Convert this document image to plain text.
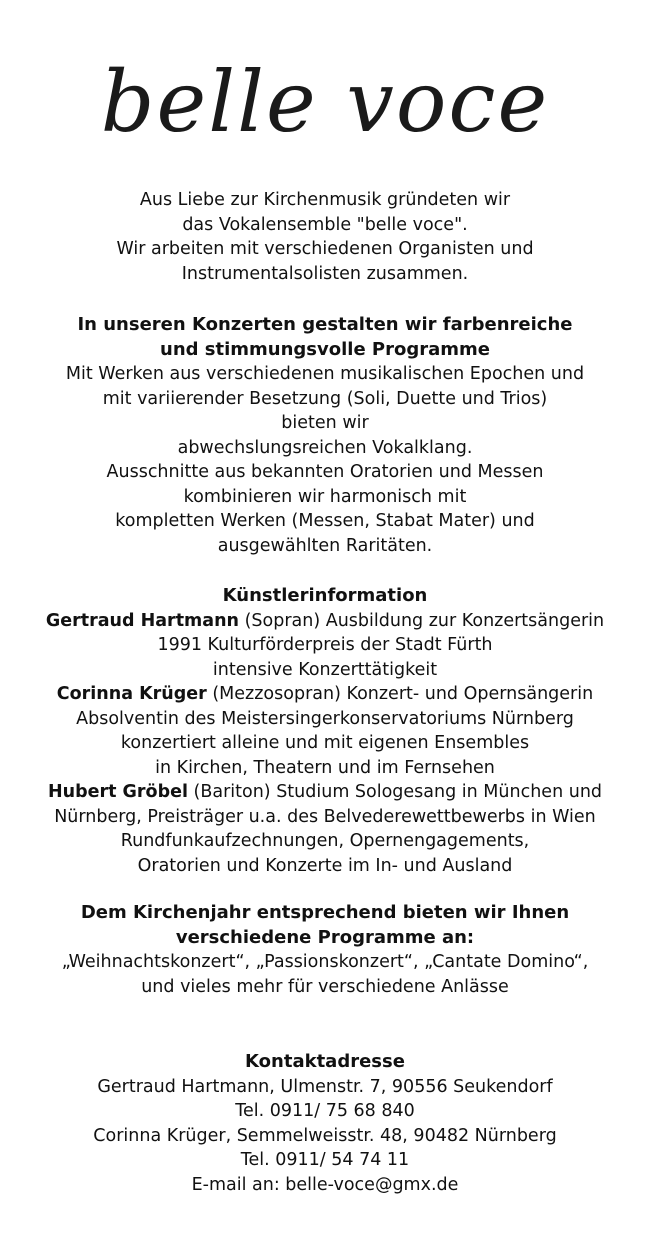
belle voce

Aus Liebe zur Kirchenmusik gründeten wir

das Vokalensemble "belle voce".

Wir arbeiten mit verschiedenen Organisten und

Instrumentalsolisten zusammen.

In unseren Konzerten gestalten wir farbenreiche

und stimmungsvolle Programme

Mit Werken aus verschiedenen musikalischen Epochen und

mit variierender Besetzung (Soli, Duette und Trios)

bieten wir

abwechslungsreichen Vokalklang.

Ausschnitte aus bekannten Oratorien und Messen

kombinieren wir harmonisch mit

kompletten Werken (Messen, Stabat Mater) und

ausgewählten Raritäten.

Künstlerinformation

Gertraud Hartmann (Sopran) Ausbildung zur Konzertsängerin

1991 Kulturförderpreis der Stadt Fürth

intensive Konzerttätigkeit

Corinna Krüger (Mezzosopran) Konzert- und Opernsängerin

Absolventin des Meistersingerkonservatoriums Nürnberg

konzertiert alleine und mit eigenen Ensembles

in Kirchen, Theatern und im Fernsehen

Hubert Gröbel (Bariton) Studium Sologesang in München und

Nürnberg, Preisträger u.a. des Belvederewettbewerbs in Wien

Rundfunkaufzechnungen, Opernengagements,

Oratorien und Konzerte im In- und Ausland

Dem Kirchenjahr entsprechend bieten wir Ihnen

verschiedene Programme an:

„Weihnachtskonzert“, „Passionskonzert“, „Cantate Domino“,

und vieles mehr für verschiedene Anlässe

Kontaktadresse

Gertraud Hartmann, Ulmenstr. 7, 90556 Seukendorf

Tel. 0911/ 75 68 840

Corinna Krüger, Semmelweisstr. 48, 90482 Nürnberg

Tel. 0911/ 54 74 11

E-mail an: belle-voce@gmx.de
